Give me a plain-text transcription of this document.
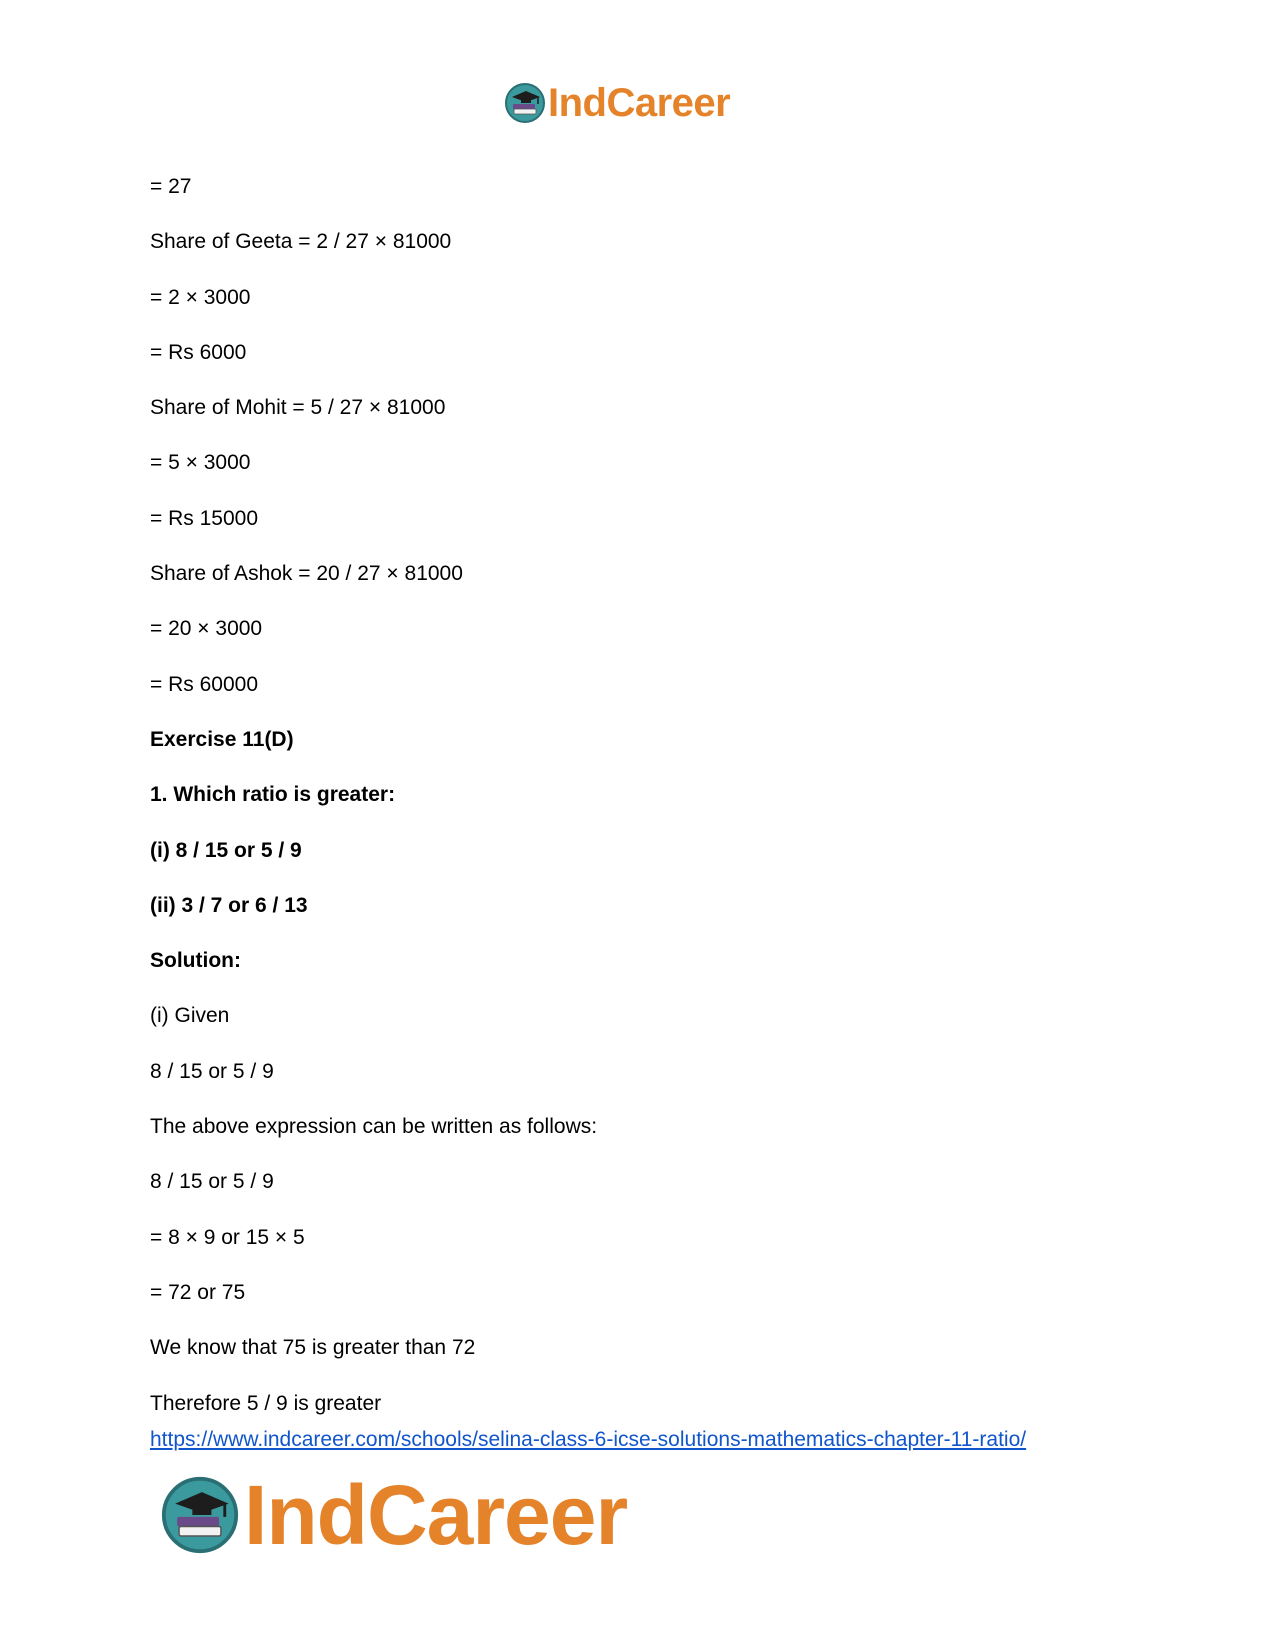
IndCareer
= 27
Share of Geeta = 2 / 27 × 81000
= 2 × 3000
= Rs 6000
Share of Mohit = 5 / 27 × 81000
= 5 × 3000
= Rs 15000
Share of Ashok = 20 / 27 × 81000
= 20 × 3000
= Rs 60000
Exercise 11(D)
1. Which ratio is greater:
(i) 8 / 15 or 5 / 9
(ii) 3 / 7 or 6 / 13
Solution:
(i) Given
8 / 15 or 5 / 9
The above expression can be written as follows:
8 / 15 or 5 / 9
= 8 × 9 or 15 × 5
= 72 or 75
We know that 75 is greater than 72
Therefore 5 / 9 is greater
https://www.indcareer.com/schools/selina-class-6-icse-solutions-mathematics-chapter-11-ratio/
IndCareer
